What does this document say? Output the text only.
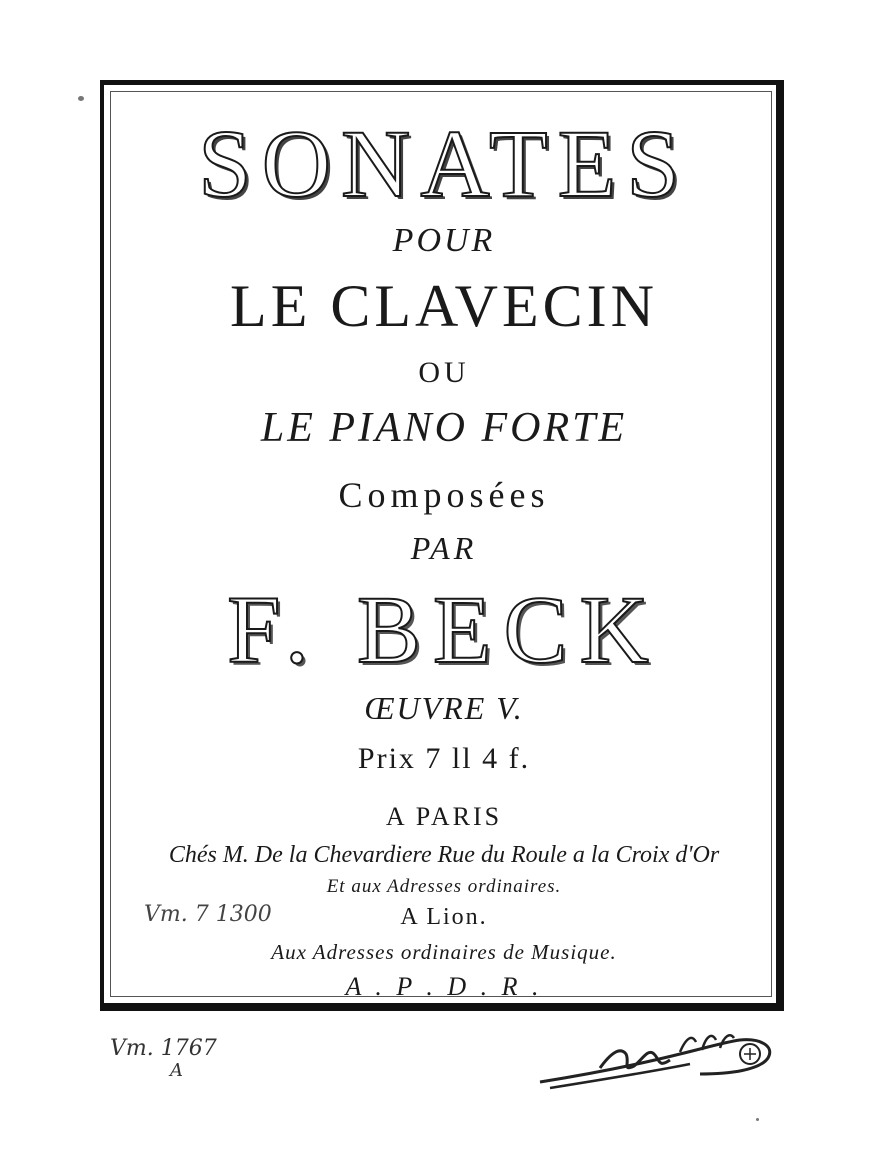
SONATES
POUR
LE CLAVECIN
OU
LE PIANO FORTE
Composées
PAR
F. BECK
ŒUVRE V.
Prix 7 ll 4 f.
A PARIS
Chés M. De la Chevardiere Rue du Roule a la Croix d'Or
Et aux Adresses ordinaires.
A Lion.
Aux Adresses ordinaires de Musique.
A . P . D . R .
Vm. 7 1300
Vm. 1767
A
